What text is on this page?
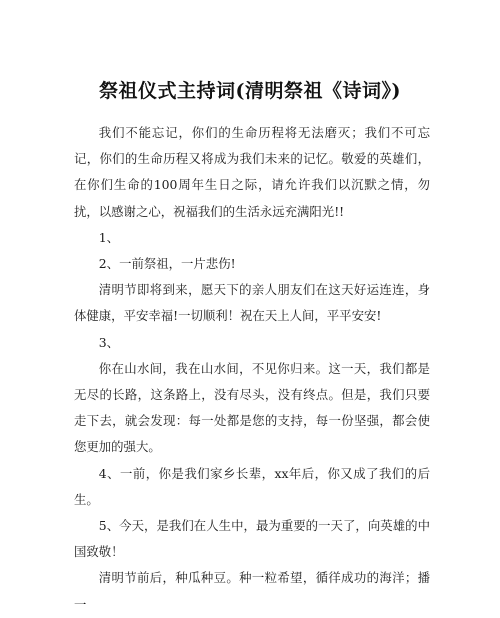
祭祖仪式主持词(清明祭祖《诗词》)

我们不能忘记，你们的生命历程将无法磨灭；我们不可忘记，你们的生命历程又将成为我们未来的记忆。敬爱的英雄们，在你们生命的100周年生日之际，请允许我们以沉默之情，勿扰，以感谢之心，祝福我们的生活永远充满阳光!!

1、

2、一前祭祖，一片悲伤!

清明节即将到来，愿天下的亲人朋友们在这天好运连连，身体健康，平安幸福!一切顺利！祝在天上人间，平平安安!

3、

你在山水间，我在山水间，不见你归来。这一天，我们都是无尽的长路，这条路上，没有尽头，没有终点。但是，我们只要走下去，就会发现：每一处都是您的支持，每一份坚强，都会使您更加的强大。

4、一前，你是我们家乡长辈，xx年后，你又成了我们的后生。

5、今天，是我们在人生中，最为重要的一天了，向英雄的中国致敬！

清明节前后，种瓜种豆。种一粒希望，循徉成功的海洋；播一
